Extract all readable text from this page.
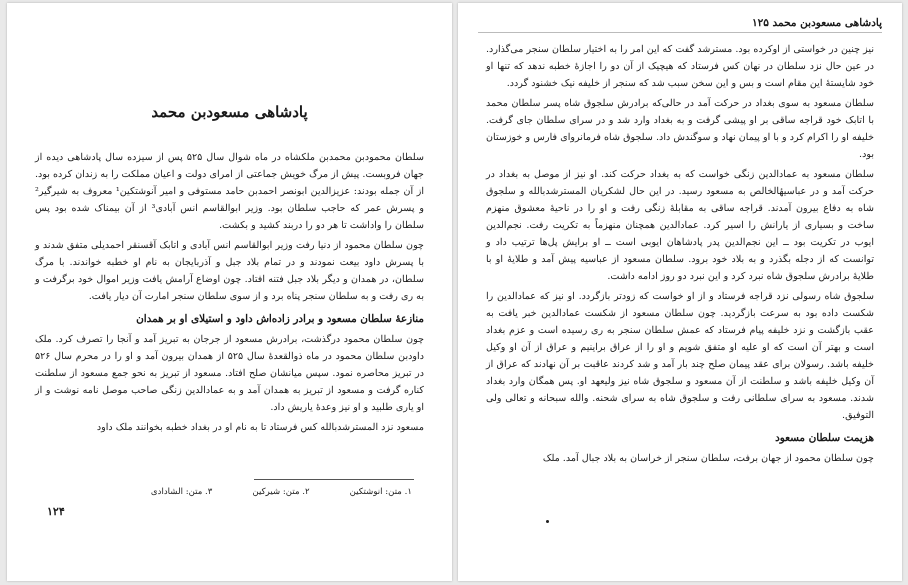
پادشاهی مسعودبن محمد

سلطان محمودبن محمدبن ملکشاه در ماه شوال سال ۵۲۵ پس از سیزده سال پادشاهی دیده از جهان فروبست. پیش از مرگ خویش جماعتی از امرای دولت و اعیان مملکت را به زندان کرده بود. از آن جمله بودند: عزیزالدین ابونصر احمدبن حامد مستوفی و امیر آنوشتکین¹ معروف به شیرگیر² و پسرش عمر که حاجب سلطان بود. وزیر ابوالقاسم انس آبادی³ از آن بیمناک شده بود پس سلطان را واداشت تا هر دو را دربند کشید و بکشت.

چون سلطان محمود از دنیا رفت وزیر ابوالقاسم انس آبادی و اتابک آقسنقر احمدیلی متفق شدند و با پسرش داود بیعت نمودند و در تمام بلاد جبل و آذربایجان به نام او خطبه خواندند. با مرگ سلطان، در همدان و دیگر بلاد جبل فتنه افتاد. چون اوضاع آرامش یافت وزیر اموال خود برگرفت و به ری رفت و به سلطان سنجر پناه برد و از سوی سلطان سنجر امارت آن دیار یافت.

منازعهٔ سلطان مسعود و برادر زاده‌اش داود و استیلای او بر همدان

چون سلطان محمود درگذشت، برادرش مسعود از جرجان به تبریز آمد و آنجا را تصرف کرد. ملک داودبن سلطان محمود در ماه ذوالقعدهٔ سال ۵۲۵ از همدان بیرون آمد و او را در محرم سال ۵۲۶ در تبریز محاصره نمود. سپس میانشان صلح افتاد. مسعود از تبریز به نحو جمع مسعود از سلطنت کناره گرفت و مسعود از تبریز به همدان آمد و به عمادالدین زنگی صاحب موصل نامه نوشت و از او یاری طلبید و او نیز وعدهٔ یاریش داد.

مسعود نزد المسترشدبالله کس فرستاد تا به نام او در بغداد خطبه بخوانند ملک داود

۱. متن: انوشتکین
۲. متن: شیرکین
۳. متن: الشادادی
۱۲۴
پادشاهی مسعودبن محمد ۱۲۵

نیز چنین در خواستی از اوکرده بود. مسترشد گفت که این امر را به اختیار سلطان سنجر می‌گذارد. در عین حال نزد سلطان در نهان کس فرستاد که هیچیک از آن دو را اجازهٔ خطبه ندهد که تنها او خود شایستهٔ این مقام است و بس و این سخن سبب شد که سنجر از خلیفه نیک خشنود گردد.

سلطان مسعود به سوی بغداد در حرکت آمد در حالی‌که برادرش سلجوق شاه پسر سلطان محمد با اتابک خود قراجه ساقی بر او پیشی گرفت و به بغداد وارد شد و در سرای سلطان جای گرفت. خلیفه او را اکرام کرد و با او پیمان نهاد و سوگندش داد. سلجوق شاه فرمانروای فارس و خوزستان بود.

سلطان مسعود به عمادالدین زنگی خواست که به بغداد حرکت کند. او نیز از موصل به بغداد در حرکت آمد و در عباسیهٔالخالص به مسعود رسید. در این حال لشکریان المسترشدبالله و سلجوق شاه به دفاع بیرون آمدند. قراجه ساقی به مقابلهٔ زنگی رفت و او را در ناحیهٔ معشوق منهزم ساخت و بسیاری از یارانش را اسیر کرد. عمادالدین همچنان منهزماً به تکریت رفت. نجم‌الدین ایوب در تکریت بود ــ این نجم‌الدین پدر پادشاهان ایوبی است ــ او برایش پل‌ها ترتیب داد و توانست که از دجله بگذرد و به بلاد خود برود. سلطان مسعود از عباسیه پیش آمد و طلایهٔ او با طلایهٔ برادرش سلجوق شاه نبرد کرد و این نبرد دو روز ادامه داشت.

سلجوق شاه رسولی نزد قراجه فرستاد و از او خواست که زودتر بازگردد. او نیز که عمادالدین را شکست داده بود به سرعت بازگردید. چون سلطان مسعود از شکست عمادالدین خبر یافت به عقب بازگشت و نزد خلیفه پیام فرستاد که عمش سلطان سنجر به ری رسیده است و عزم بغداد است و بهتر آن است که او علیه او متفق شویم و او را از عراق براینیم و عراق از آن او وکیل خلیفه باشد. رسولان برای عقد پیمان صلح چند بار آمد و شد کردند عاقبت بر آن نهادند که عراق از آن وکیل خلیفه باشد و سلطنت از آن مسعود و سلجوق شاه نیز ولیعهد او. پس همگان وارد بغداد شدند. مسعود به سرای سلطانی رفت و سلجوق شاه به سرای شحنه. والله سبحانه و تعالی ولی التوفیق.

هزیمت سلطان مسعود

چون سلطان محمود از جهان برفت، سلطان سنجر از خراسان به بلاد جبال آمد. ملک
